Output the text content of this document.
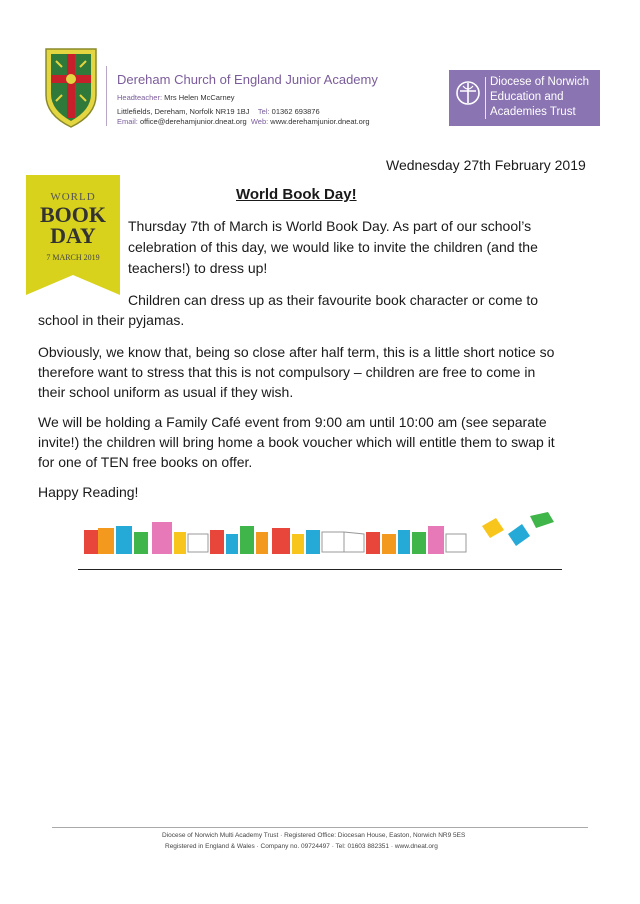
Dereham Church of England Junior Academy
Headteacher: Mrs Helen McCarney
Littlefields, Dereham, Norfolk NR19 1BJ Tel: 01362 693876
Email: office@derehamjunior.dneat.org Web: www.derehamjunior.dneat.org
Diocese of Norwich
Education and
Academies Trust
Wednesday 27th February 2019
WORLD
BOOK
DAY
7 MARCH 2019
World Book Day!
Thursday 7th of March is World Book Day. As part of our school’s
celebration of this day, we would like to invite the children (and the
teachers!) to dress up!
Children can dress up as their favourite book character or come to
school in their pyjamas.
Obviously, we know that, being so close after half term, this is a little short notice so
therefore want to stress that this is not compulsory – children are free to come in
their school uniform as usual if they wish.
We will be holding a Family Café event from 9:00 am until 10:00 am (see separate
invite!) the children will bring home a book voucher which will entitle them to swap it
for one of TEN free books on offer.
Happy Reading!
Diocese of Norwich Multi Academy Trust · Registered Office: Diocesan House, Easton, Norwich NR9 5ES
Registered in England & Wales · Company no. 09724497 · Tel: 01603 882351 · www.dneat.org
